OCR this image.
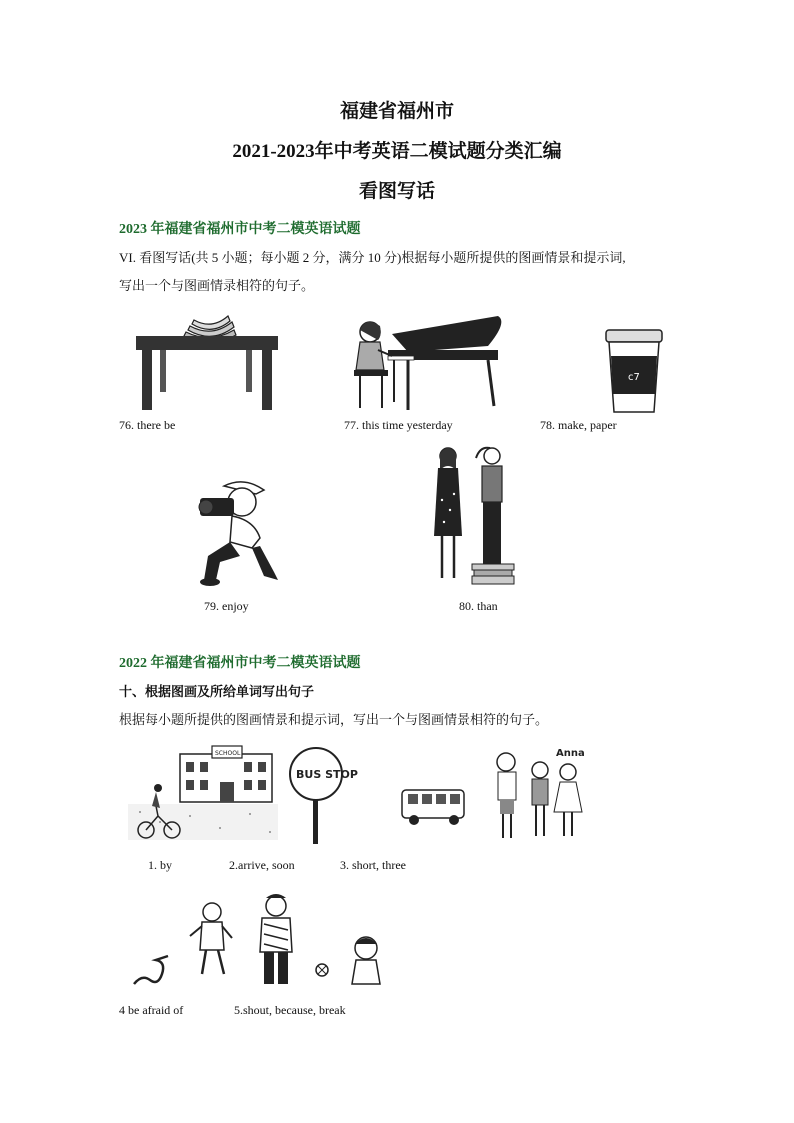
福建省福州市
2021-2023年中考英语二模试题分类汇编
看图写话
2023 年福建省福州市中考二模英语试题
VI. 看图写话(共 5 小题；每小题 2 分，满分 10 分)根据每小题所提供的图画情景和提示词,
写出一个与图画情录相符的句子。
76. there be	77. this time yesterday
c7
78. make, paper
79. enjoy	80. than
2022 年福建省福州市中考二模英语试题
十、根据图画及所给单词写出句子
根据每小题所提供的图画情景和提示词，写出一个与图画情景相符的句子。
SCHOOL
BUS STOP
Anna
1. by	2.arrive, soon	3. short, three
4 be afraid of	5.shout, because, break
